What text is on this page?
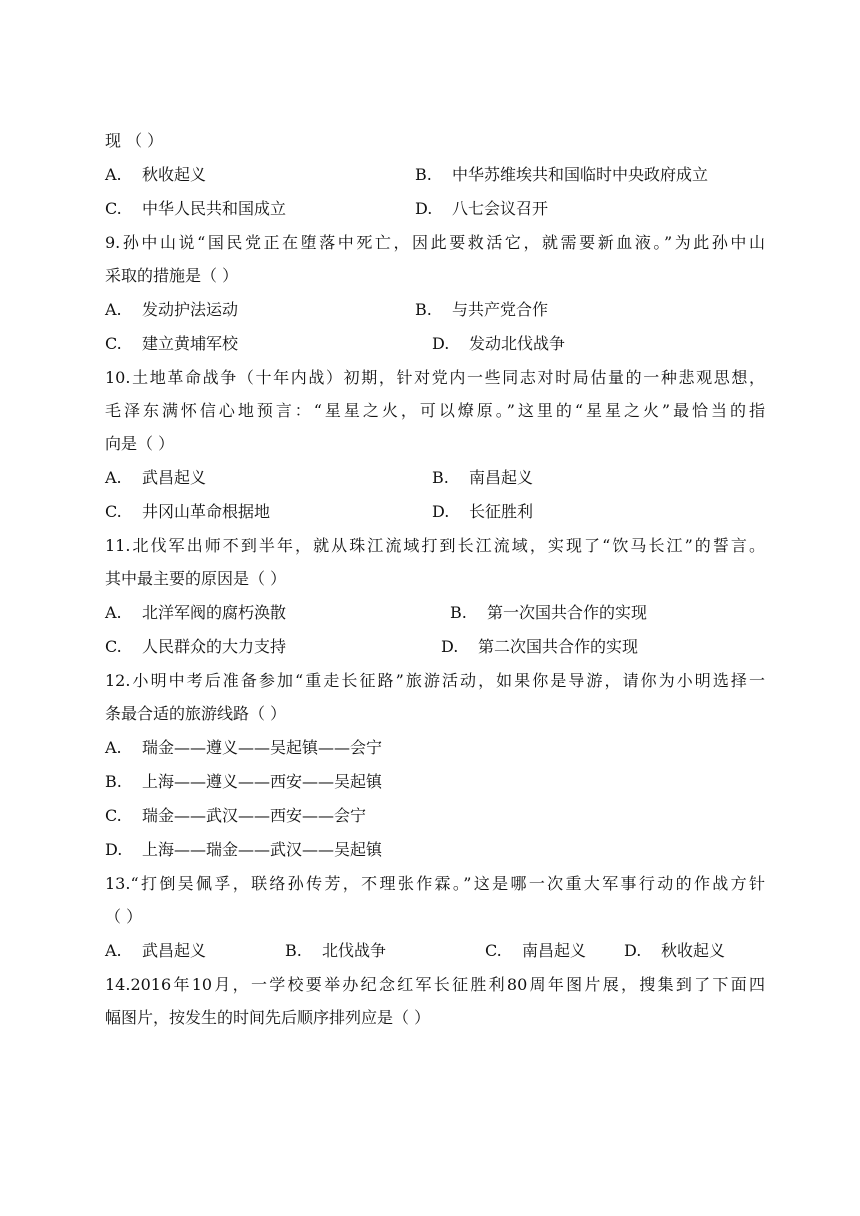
现 （ ）
A. 秋收起义	B. 中华苏维埃共和国临时中央政府成立
C. 中华人民共和国成立	D. 八七会议召开
9.孙中山说“国民党正在堕落中死亡，因此要救活它，就需要新血液。”为此孙中山
采取的措施是（ ）
A. 发动护法运动	B. 与共产党合作
C. 建立黄埔军校	D. 发动北伐战争
10.土地革命战争（十年内战）初期，针对党内一些同志对时局估量的一种悲观思想，
毛泽东满怀信心地预言：“星星之火，可以燎原。”这里的“星星之火”最恰当的指
向是（ ）
A. 武昌起义	B. 南昌起义
C. 井冈山革命根据地	D. 长征胜利
11.北伐军出师不到半年，就从珠江流域打到长江流域，实现了“饮马长江”的誓言。
其中最主要的原因是（ ）
A. 北洋军阀的腐朽涣散	B. 第一次国共合作的实现
C. 人民群众的大力支持	D. 第二次国共合作的实现
12.小明中考后准备参加“重走长征路”旅游活动，如果你是导游，请你为小明选择一
条最合适的旅游线路（ ）
A. 瑞金——遵义——吴起镇——会宁
B. 上海——遵义——西安——吴起镇
C. 瑞金——武汉——西安——会宁
D. 上海——瑞金——武汉——吴起镇
13.“打倒吴佩孚，联络孙传芳，不理张作霖。”这是哪一次重大军事行动的作战方针
（ ）
A. 武昌起义	B. 北伐战争	C. 南昌起义 D. 秋收起义
14.2016年10月，一学校要举办纪念红军长征胜利80周年图片展，搜集到了下面四
幅图片，按发生的时间先后顺序排列应是（ ）
